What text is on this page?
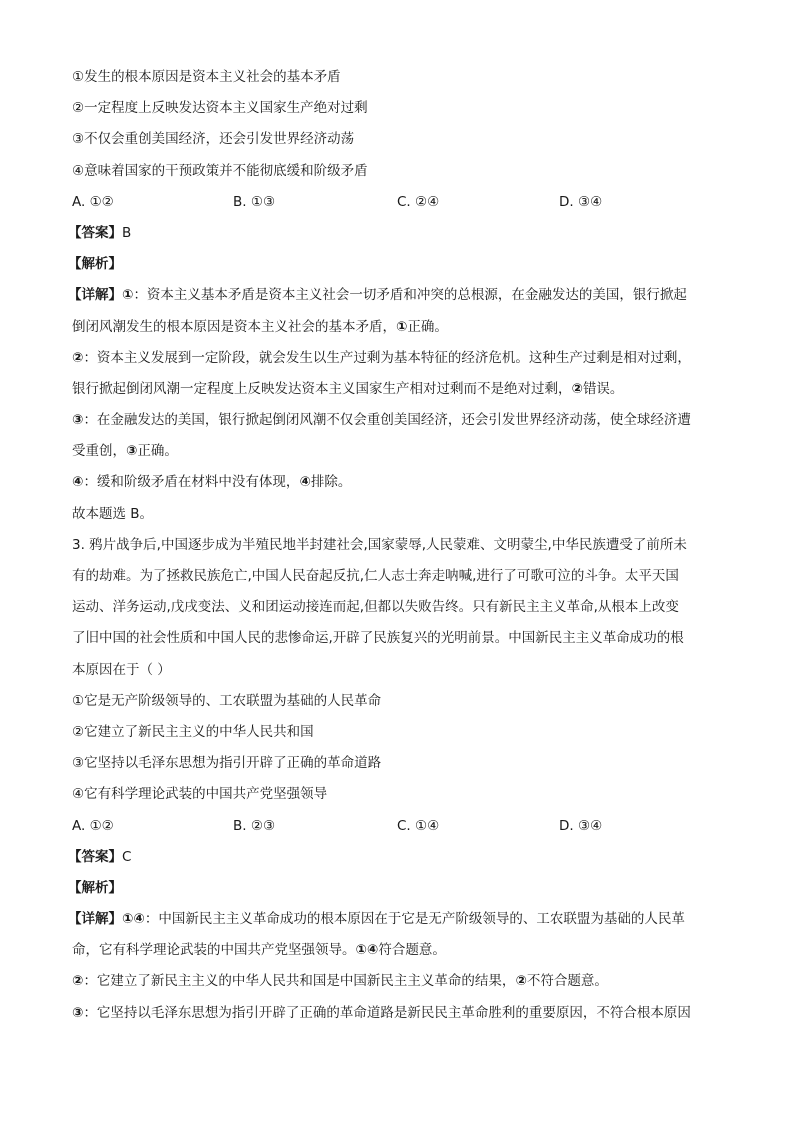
①发生的根本原因是资本主义社会的基本矛盾
②一定程度上反映发达资本主义国家生产绝对过剩
③不仅会重创美国经济，还会引发世界经济动荡
④意味着国家的干预政策并不能彻底缓和阶级矛盾
A. ①②	B. ①③	C. ②④	D. ③④
【答案】B
【解析】
【详解】①：资本主义基本矛盾是资本主义社会一切矛盾和冲突的总根源，在金融发达的美国，银行掀起
倒闭风潮发生的根本原因是资本主义社会的基本矛盾，①正确。
②：资本主义发展到一定阶段，就会发生以生产过剩为基本特征的经济危机。这种生产过剩是相对过剩，
银行掀起倒闭风潮一定程度上反映发达资本主义国家生产相对过剩而不是绝对过剩，②错误。
③：在金融发达的美国，银行掀起倒闭风潮不仅会重创美国经济，还会引发世界经济动荡，使全球经济遭
受重创，③正确。
④：缓和阶级矛盾在材料中没有体现，④排除。
故本题选 B。
3. 鸦片战争后,中国逐步成为半殖民地半封建社会,国家蒙辱,人民蒙难、文明蒙尘,中华民族遭受了前所未
有的劫难。为了拯救民族危亡,中国人民奋起反抗,仁人志士奔走呐喊,进行了可歌可泣的斗争。太平天国
运动、洋务运动,戊戌变法、义和团运动接连而起,但都以失败告终。只有新民主主义革命,从根本上改变
了旧中国的社会性质和中国人民的悲惨命运,开辟了民族复兴的光明前景。中国新民主主义革命成功的根
本原因在于（ ）
①它是无产阶级领导的、工农联盟为基础的人民革命
②它建立了新民主主义的中华人民共和国
③它坚持以毛泽东思想为指引开辟了正确的革命道路
④它有科学理论武装的中国共产党坚强领导
A. ①②	B. ②③	C. ①④	D. ③④
【答案】C
【解析】
【详解】①④：中国新民主主义革命成功的根本原因在于它是无产阶级领导的、工农联盟为基础的人民革
命，它有科学理论武装的中国共产党坚强领导。①④符合题意。
②：它建立了新民主主义的中华人民共和国是中国新民主主义革命的结果，②不符合题意。
③：它坚持以毛泽东思想为指引开辟了正确的革命道路是新民民主革命胜利的重要原因，不符合根本原因
